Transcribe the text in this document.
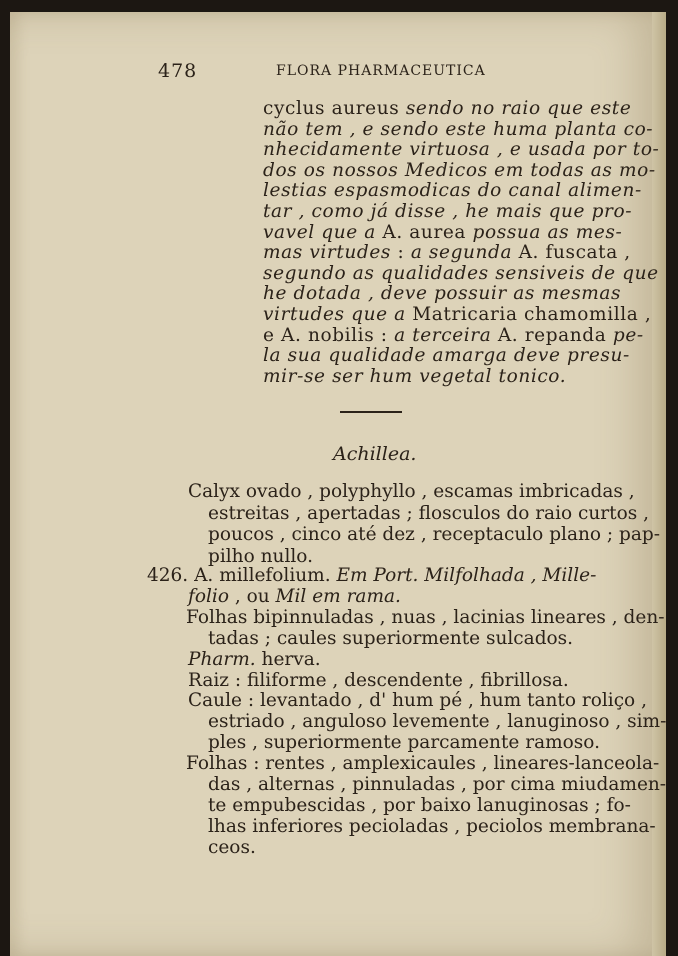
478	FLORA PHARMACEUTICA
cyclus aureus sendo no raio que este
não tem , e sendo este huma planta co-
nhecidamente virtuosa , e usada por to-
dos os nossos Medicos em todas as mo-
lestias espasmodicas do canal alimen-
tar , como já disse , he mais que pro-
vavel que a A. aurea possua as mes-
mas virtudes : a segunda A. fuscata ,
segundo as qualidades sensiveis de que
he dotada , deve possuir as mesmas
virtudes que a Matricaria chamomilla ,
e A. nobilis : a terceira A. repanda pe-
la sua qualidade amarga deve presu-
mir-se ser hum vegetal tonico.
Achillea.
Calyx ovado , polyphyllo , escamas imbricadas ,
estreitas , apertadas ; flosculos do raio curtos ,
poucos , cinco até dez , receptaculo plano ; pap-
pilho nullo.
426. A. millefolium. Em Port. Milfolhada , Mille-
folio , ou Mil em rama.
Folhas bipinnuladas , nuas , lacinias lineares , den-
tadas ; caules superiormente sulcados.
Pharm. herva.
Raiz : filiforme , descendente , fibrillosa.
Caule : levantado , d' hum pé , hum tanto roliço ,
estriado , anguloso levemente , lanuginoso , sim-
ples , superiormente parcamente ramoso.
Folhas : rentes , amplexicaules , lineares-lanceola-
das , alternas , pinnuladas , por cima miudamen-
te empubescidas , por baixo lanuginosas ; fo-
lhas inferiores pecioladas , peciolos membrana-
ceos.
